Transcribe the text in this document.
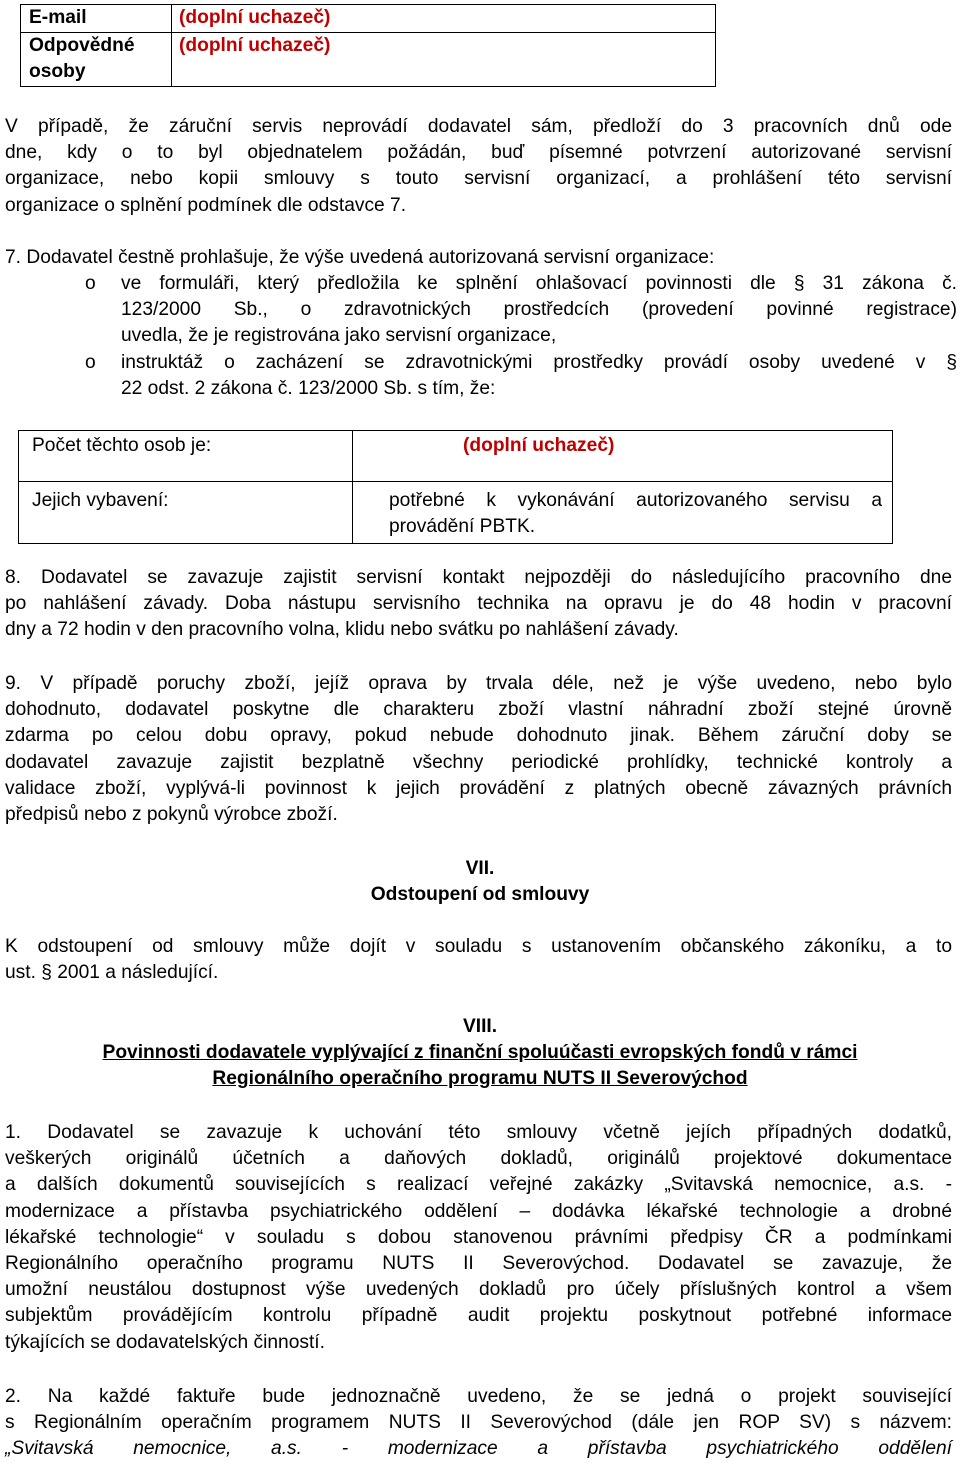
E-mail	(doplní uchazeč)
Odpovědné osoby	(doplní uchazeč)
V případě, že záruční servis neprovádí dodavatel sám, předloží do 3 pracovních dnů ode
dne, kdy o to byl objednatelem požádán, buď písemné potvrzení autorizované servisní
organizace, nebo kopii smlouvy s touto servisní organizací, a prohlášení této servisní
organizace o splnění podmínek dle odstavce 7.
7. Dodavatel čestně prohlašuje, že výše uvedená autorizovaná servisní organizace:
o ve formuláři, který předložila ke splnění ohlašovací povinnosti dle § 31 zákona č.
123/2000 Sb., o zdravotnických prostředcích (provedení povinné registrace)
uvedla, že je registrována jako servisní organizace,
o instruktáž o zacházení se zdravotnickými prostředky provádí osoby uvedené v §
22 odst. 2 zákona č. 123/2000 Sb. s tím, že:
Počet těchto osob je:	(doplní uchazeč)
Jejich vybavení:	potřebné k vykonávání autorizovaného servisu a
provádění PBTK.
8. Dodavatel se zavazuje zajistit servisní kontakt nejpozději do následujícího pracovního dne
po nahlášení závady. Doba nástupu servisního technika na opravu je do 48 hodin v pracovní
dny a 72 hodin v den pracovního volna, klidu nebo svátku po nahlášení závady.
9. V případě poruchy zboží, jejíž oprava by trvala déle, než je výše uvedeno, nebo bylo
dohodnuto, dodavatel poskytne dle charakteru zboží vlastní náhradní zboží stejné úrovně
zdarma po celou dobu opravy, pokud nebude dohodnuto jinak. Během záruční doby se
dodavatel zavazuje zajistit bezplatně všechny periodické prohlídky, technické kontroly a
validace zboží, vyplývá-li povinnost k jejich provádění z platných obecně závazných právních
předpisů nebo z pokynů výrobce zboží.
VII.
Odstoupení od smlouvy
K odstoupení od smlouvy může dojít v souladu s ustanovením občanského zákoníku, a to
ust. § 2001 a následující.
VIII.
Povinnosti dodavatele vyplývající z finanční spoluúčasti evropských fondů v rámci
Regionálního operačního programu NUTS II Severovýchod
1. Dodavatel se zavazuje k uchování této smlouvy včetně jejích případných dodatků,
veškerých originálů účetních a daňových dokladů, originálů projektové dokumentace
a dalších dokumentů souvisejících s realizací veřejné zakázky „Svitavská nemocnice, a.s. -
modernizace a přístavba psychiatrického oddělení – dodávka lékařské technologie a drobné
lékařské technologie“ v souladu s dobou stanovenou právními předpisy ČR a podmínkami
Regionálního operačního programu NUTS II Severovýchod. Dodavatel se zavazuje, že
umožní neustálou dostupnost výše uvedených dokladů pro účely příslušných kontrol a všem
subjektům provádějícím kontrolu případně audit projektu poskytnout potřebné informace
týkajících se dodavatelských činností.
2. Na každé faktuře bude jednoznačně uvedeno, že se jedná o projekt související
s Regionálním operačním programem NUTS II Severovýchod (dále jen ROP SV) s názvem:
„Svitavská nemocnice, a.s. - modernizace a přístavba psychiatrického oddělení
